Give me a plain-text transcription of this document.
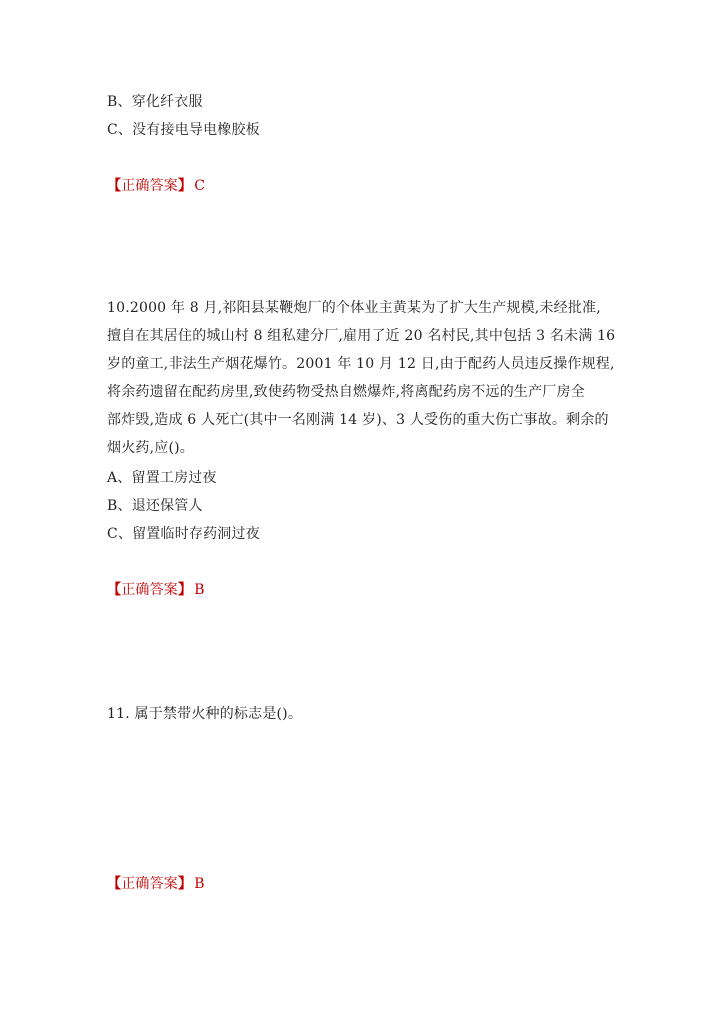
B、穿化纤衣服
C、没有接电导电橡胶板
【正确答案】 C
10.2000 年 8 月,祁阳县某鞭炮厂的个体业主黄某为了扩大生产规模,未经批准,
擅自在其居住的城山村 8 组私建分厂,雇用了近 20 名村民,其中包括 3 名未满 16
岁的童工,非法生产烟花爆竹。2001 年 10 月 12 日,由于配药人员违反操作规程,
将余药遗留在配药房里,致使药物受热自燃爆炸,将离配药房不远的生产厂房全
部炸毁,造成 6 人死亡(其中一名刚满 14 岁)、3 人受伤的重大伤亡事故。剩余的
烟火药,应()。
A、留置工房过夜
B、退还保管人
C、留置临时存药洞过夜
【正确答案】 B
11. 属于禁带火种的标志是()。
【正确答案】 B
